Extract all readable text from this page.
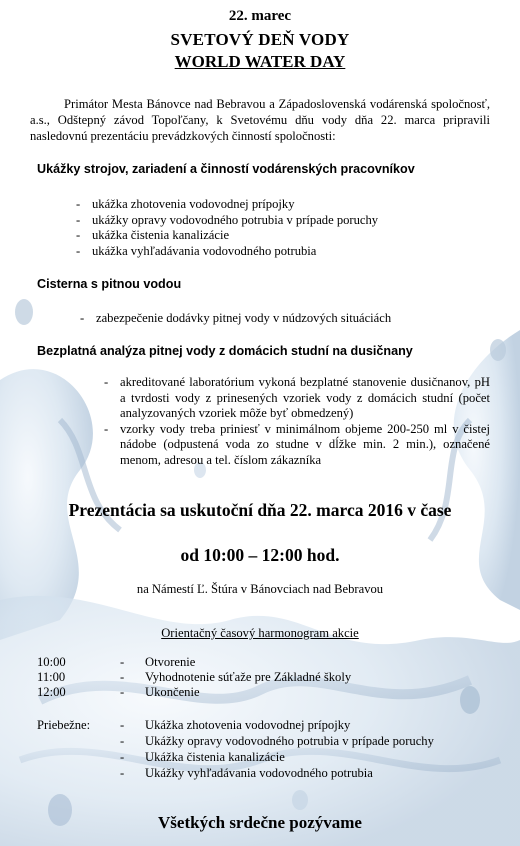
22. marec
SVETOVÝ DEŇ VODY
WORLD WATER DAY
Primátor Mesta Bánovce nad Bebravou a Západoslovenská vodárenská spoločnosť, a.s., Odštepný závod Topoľčany, k Svetovému dňu vody dňa 22. marca pripravili nasledovnú prezentáciu prevádzkových činností spoločnosti:
Ukážky strojov, zariadení a činností vodárenských pracovníkov
- ukážka zhotovenia vodovodnej prípojky
- ukážky opravy vodovodného potrubia v prípade poruchy
- ukážka čistenia kanalizácie
- ukážka vyhľadávania vodovodného potrubia
Cisterna s pitnou vodou
- zabezpečenie dodávky pitnej vody v núdzových situáciách
Bezplatná analýza pitnej vody z domácich studní na dusičnany
- akreditované laboratórium vykoná bezplatné stanovenie dusičnanov, pH a tvrdosti vody z prinesených vzoriek vody z domácich studní (počet analyzovaných vzoriek môže byť obmedzený)
- vzorky vody treba priniesť v minimálnom objeme 200-250 ml v čistej nádobe (odpustená voda zo studne v dĺžke min. 2 min.), označené menom, adresou a tel. číslom zákazníka
Prezentácia sa uskutoční dňa 22. marca 2016 v čase
od 10:00 – 12:00 hod.
na Námestí Ľ. Štúra v Bánovciach nad Bebravou
Orientačný časový harmonogram akcie
10:00	- Otvorenie
11:00	- Vyhodnotenie súťaže pre Základné školy
12:00	- Ukončenie
Priebežne: - Ukážka zhotovenia vodovodnej prípojky
- Ukážky opravy vodovodného potrubia v prípade poruchy
- Ukážka čistenia kanalizácie
- Ukážky vyhľadávania vodovodného potrubia
Všetkých srdečne pozývame
